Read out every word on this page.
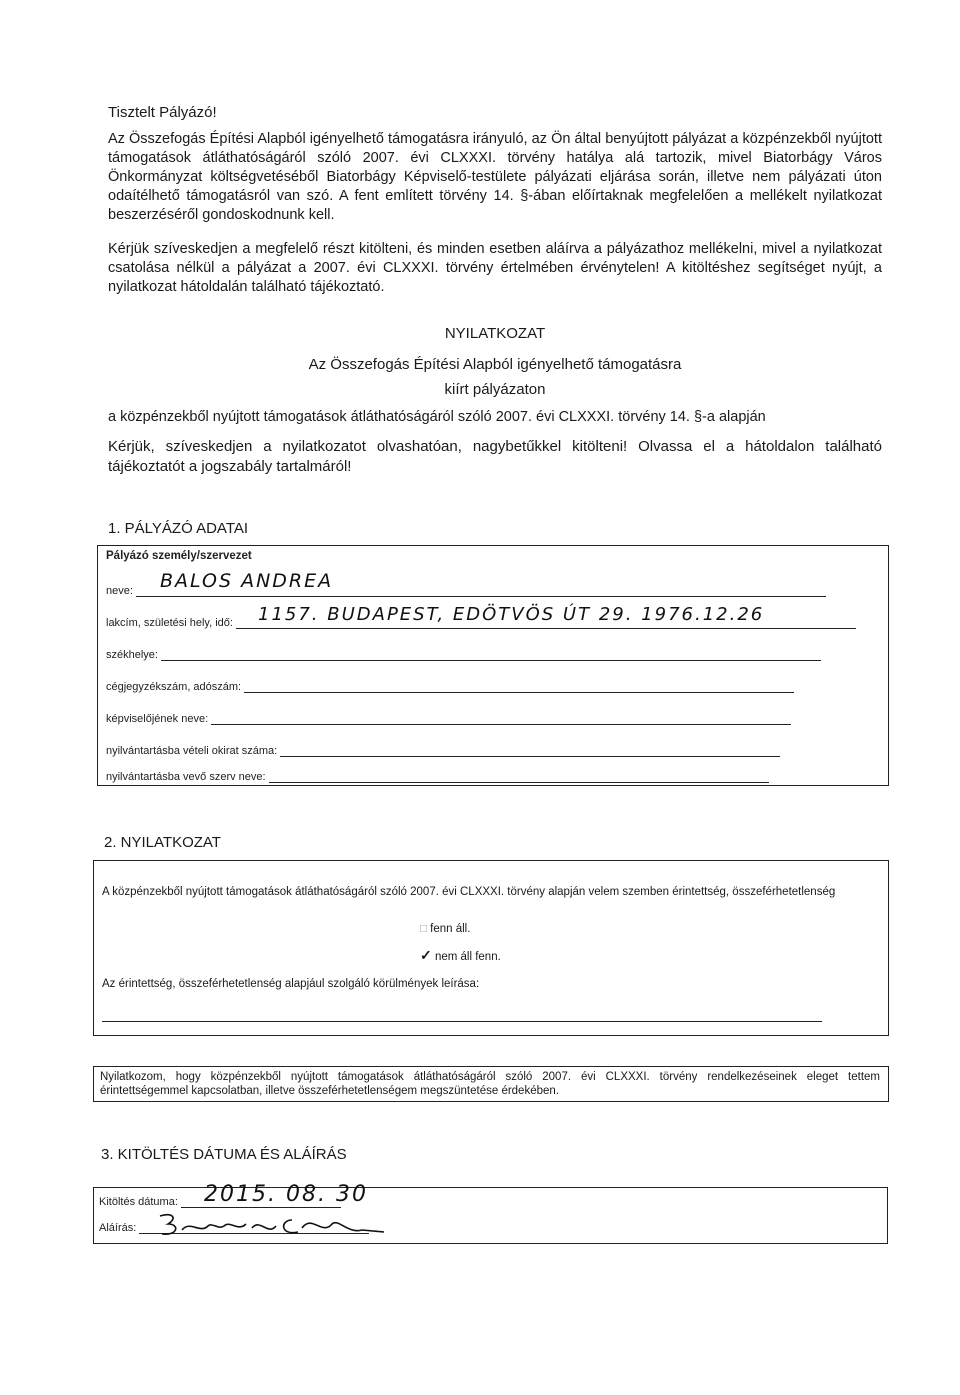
Tisztelt Pályázó!
Az Összefogás Építési Alapból igényelhető támogatásra irányuló, az Ön által benyújtott pályázat a közpénzekből nyújtott támogatások átláthatóságáról szóló 2007. évi CLXXXI. törvény hatálya alá tartozik, mivel Biatorbágy Város Önkormányzat költségvetéséből Biatorbágy Képviselő-testülete pályázati eljárása során, illetve nem pályázati úton odaítélhető támogatásról van szó. A fent említett törvény 14. §-ában előírtaknak megfelelően a mellékelt nyilatkozat beszerzéséről gondoskodnunk kell.
Kérjük szíveskedjen a megfelelő részt kitölteni, és minden esetben aláírva a pályázathoz mellékelni, mivel a nyilatkozat csatolása nélkül a pályázat a 2007. évi CLXXXI. törvény értelmében érvénytelen! A kitöltéshez segítséget nyújt, a nyilatkozat hátoldalán található tájékoztató.
NYILATKOZAT
Az Összefogás Építési Alapból igényelhető támogatásra
kiírt pályázaton
a közpénzekből nyújtott támogatások átláthatóságáról szóló 2007. évi CLXXXI. törvény 14. §-a alapján
Kérjük, szíveskedjen a nyilatkozatot olvashatóan, nagybetűkkel kitölteni! Olvassa el a hátoldalon található tájékoztatót a jogszabály tartalmáról!
1. PÁLYÁZÓ ADATAI
Pályázó személy/szervezet
neve:	BALOS ANDREA
lakcím, születési hely, idő:	1157. BUDAPEST, EDÖTVÖS ÚT 29. 1976.12.26
székhelye:
cégjegyzékszám, adószám:
képviselőjének neve:
nyilvántartásba vételi okirat száma:
nyilvántartásba vevő szerv neve:
2. NYILATKOZAT
A közpénzekből nyújtott támogatások átláthatóságáról szóló 2007. évi CLXXXI. törvény alapján velem szemben érintettség, összeférhetetlenség
□ fenn áll.
✓ nem áll fenn.
Az érintettség, összeférhetetlenség alapjául szolgáló körülmények leírása:
Nyilatkozom, hogy közpénzekből nyújtott támogatások átláthatóságáról szóló 2007. évi CLXXXI. törvény rendelkezéseinek eleget tettem érintettségemmel kapcsolatban, illetve összeférhetetlenségem megszüntetése érdekében.
3. KITÖLTÉS DÁTUMA ÉS ALÁÍRÁS
Kitöltés dátuma:	2015. 08. 30
Aláírás:
